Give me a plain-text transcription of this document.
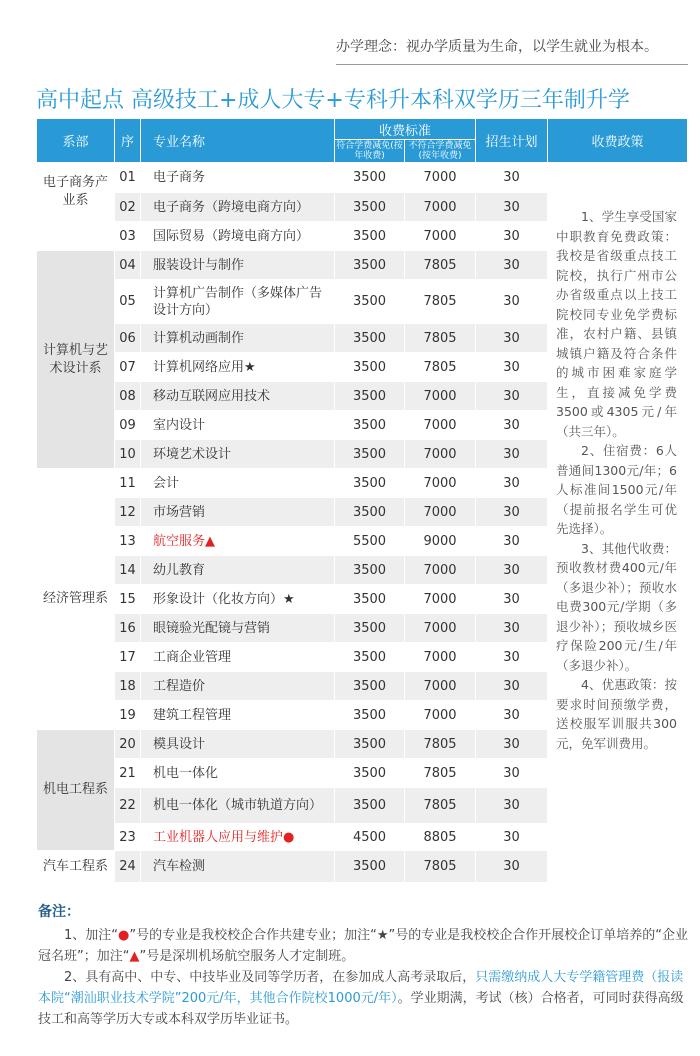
办学理念：视办学质量为生命，以学生就业为根本。
高中起点 高级技工+成人大专+专科升本科双学历三年制升学
系部	序	专业名称	收费标准		招生计划	收费政策
			符合学费减免(按年收费)	不符合学费减免(按年收费)		
电子商务产业系	01	电子商务	3500	7000	30	1、学生享受国家中职教育免费政策：我校是省级重点技工院校，执行广州市公办省级重点以上技工院校同专业免学费标准，农村户籍、县镇城镇户籍及符合条件的城市困难家庭学生，直接减免学费3500或4305元/年（共三年）。

2、住宿费：6人普通间1300元/年；6人标准间1500元/年（提前报名学生可优先选择）。

3、其他代收费：预收教材费400元/年（多退少补）；预收水电费300元/学期（多退少补）；预收城乡医疗保险200元/生/年（多退少补）。

4、优惠政策：按要求时间预缴学费，送校服军训服共300元，免军训费用。

	02	电子商务（跨境电商方向）	3500	7000	30	
	03	国际贸易（跨境电商方向）	3500	7000	30	
计算机与艺术设计系	04	服装设计与制作	3500	7805	30	
	05	计算机广告制作（多媒体广告设计方向）	3500	7805	30	
	06	计算机动画制作	3500	7805	30	
	07	计算机网络应用★	3500	7805	30	
	08	移动互联网应用技术	3500	7000	30	
	09	室内设计	3500	7000	30	
	10	环境艺术设计	3500	7000	30	
经济管理系	11	会计	3500	7000	30	
	12	市场营销	3500	7000	30	
	13	航空服务▲	5500	9000	30	
	14	幼儿教育	3500	7000	30	
	15	形象设计（化妆方向）★	3500	7000	30	
	16	眼镜验光配镜与营销	3500	7000	30	
	17	工商企业管理	3500	7000	30	
	18	工程造价	3500	7000	30	
	19	建筑工程管理	3500	7000	30	
机电工程系	20	模具设计	3500	7805	30	
	21	机电一体化	3500	7805	30	
	22	机电一体化（城市轨道方向）	3500	7805	30	
	23	工业机器人应用与维护●	4500	8805	30	
汽车工程系	24	汽车检测	3500	7805	30	
备注：

1、加注“●”号的专业是我校校企合作共建专业；加注“★”号的专业是我校校企合作开展校企订单培养的“企业冠名班”；加注“▲”号是深圳机场航空服务人才定制班。

2、具有高中、中专、中技毕业及同等学历者，在参加成人高考录取后，只需缴纳成人大专学籍管理费（报读本院“潮汕职业技术学院”200元/年，其他合作院校1000元/年）。学业期满，考试（核）合格者，可同时获得高级技工和高等学历大专或本科双学历毕业证书。
